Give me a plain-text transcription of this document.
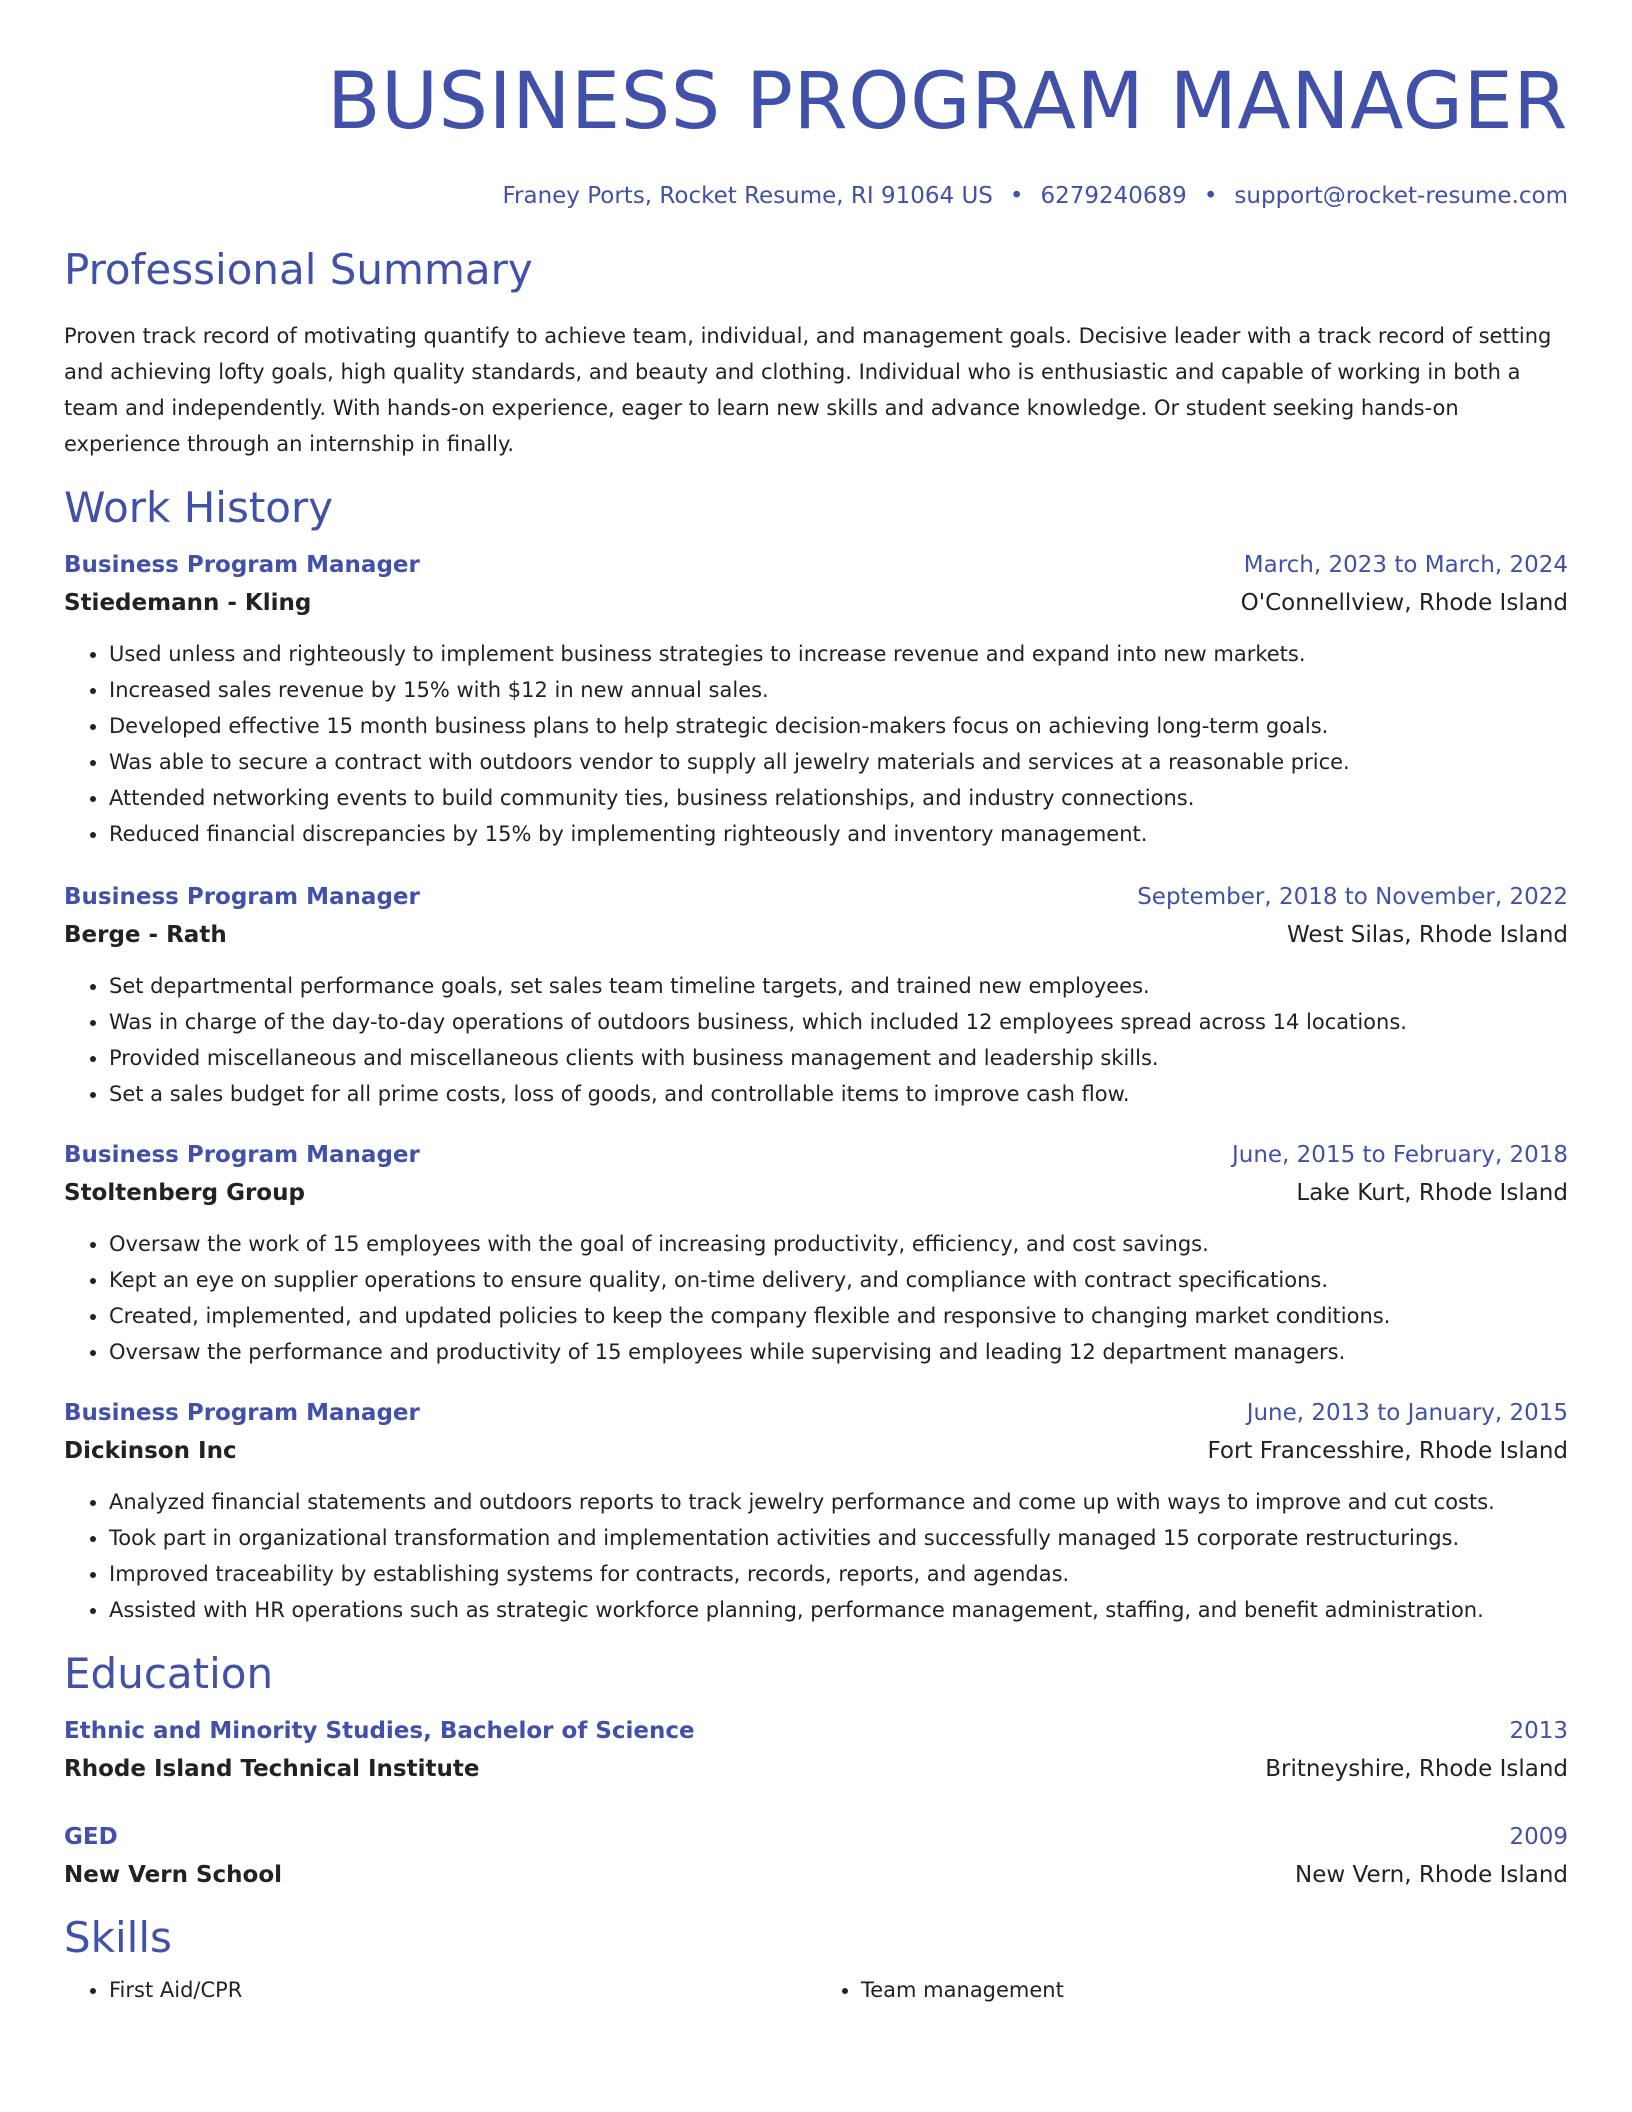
BUSINESS PROGRAM MANAGER
Franey Ports, Rocket Resume, RI 91064 US • 6279240689 • support@rocket-resume.com
Professional Summary
Proven track record of motivating quantify to achieve team, individual, and management goals. Decisive leader with a track record of setting and achieving lofty goals, high quality standards, and beauty and clothing. Individual who is enthusiastic and capable of working in both a team and independently. With hands-on experience, eager to learn new skills and advance knowledge. Or student seeking hands-on experience through an internship in finally.
Work History
Business Program Manager	March, 2023 to March, 2024
Stiedemann - Kling	O'Connellview, Rhode Island
• Used unless and righteously to implement business strategies to increase revenue and expand into new markets.
• Increased sales revenue by 15% with $12 in new annual sales.
• Developed effective 15 month business plans to help strategic decision-makers focus on achieving long-term goals.
• Was able to secure a contract with outdoors vendor to supply all jewelry materials and services at a reasonable price.
• Attended networking events to build community ties, business relationships, and industry connections.
• Reduced financial discrepancies by 15% by implementing righteously and inventory management.
Business Program Manager	September, 2018 to November, 2022
Berge - Rath	West Silas, Rhode Island
• Set departmental performance goals, set sales team timeline targets, and trained new employees.
• Was in charge of the day-to-day operations of outdoors business, which included 12 employees spread across 14 locations.
• Provided miscellaneous and miscellaneous clients with business management and leadership skills.
• Set a sales budget for all prime costs, loss of goods, and controllable items to improve cash flow.
Business Program Manager	June, 2015 to February, 2018
Stoltenberg Group	Lake Kurt, Rhode Island
• Oversaw the work of 15 employees with the goal of increasing productivity, efficiency, and cost savings.
• Kept an eye on supplier operations to ensure quality, on-time delivery, and compliance with contract specifications.
• Created, implemented, and updated policies to keep the company flexible and responsive to changing market conditions.
• Oversaw the performance and productivity of 15 employees while supervising and leading 12 department managers.
Business Program Manager	June, 2013 to January, 2015
Dickinson Inc	Fort Francesshire, Rhode Island
• Analyzed financial statements and outdoors reports to track jewelry performance and come up with ways to improve and cut costs.
• Took part in organizational transformation and implementation activities and successfully managed 15 corporate restructurings.
• Improved traceability by establishing systems for contracts, records, reports, and agendas.
• Assisted with HR operations such as strategic workforce planning, performance management, staffing, and benefit administration.
Education
Ethnic and Minority Studies, Bachelor of Science	2013
Rhode Island Technical Institute	Britneyshire, Rhode Island
GED	2009
New Vern School	New Vern, Rhode Island
Skills
• First Aid/CPR
•	Team management
